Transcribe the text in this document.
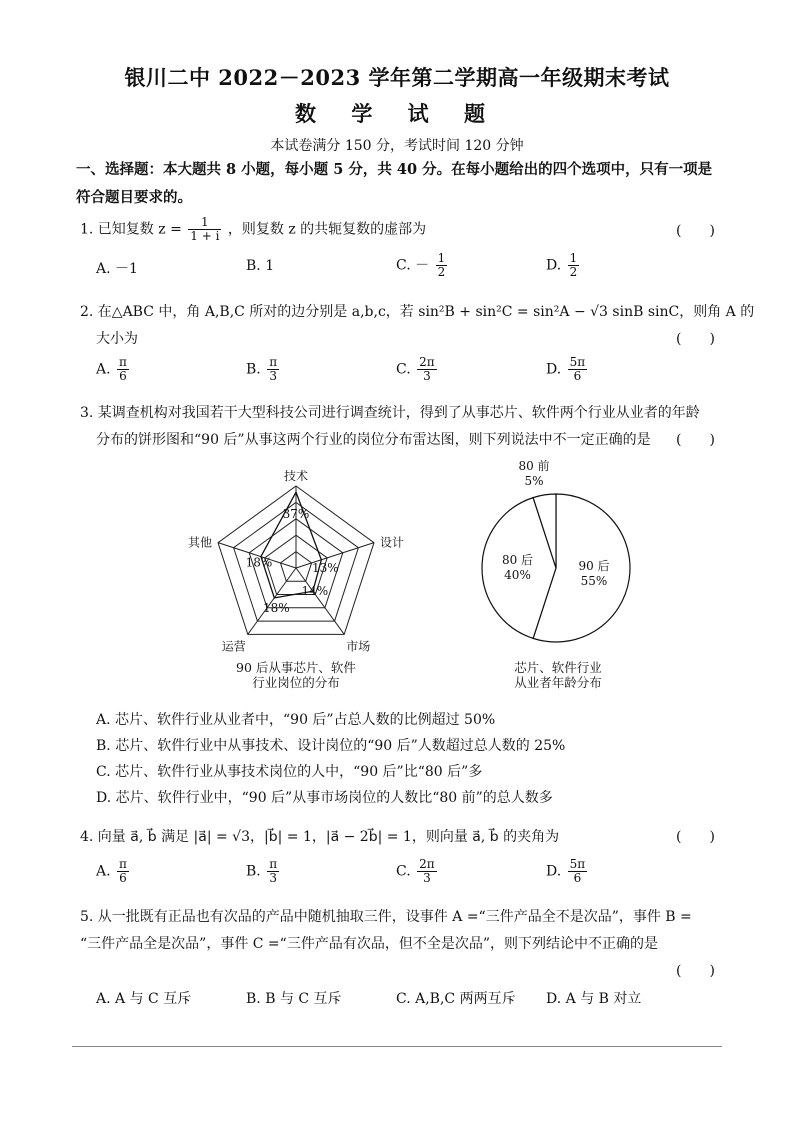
银川二中 2022－2023 学年第二学期高一年级期末考试
数 学 试 题
本试卷满分 150 分，考试时间 120 分钟
一、选择题：本大题共 8 小题，每小题 5 分，共 40 分。在每小题给出的四个选项中，只有一项是
符合题目要求的。
1. 已知复数 $z = \frac{1}{1 + i}$ ，则复数 z 的共轭复数的虚部为	(　　)
A. －1	B. 1	C. － $\frac{1}{2}$	D. $\frac{1}{2}$
2. 在△ABC 中，角 A,B,C 所对的边分别是 a,b,c，若 sin²B + sin²C = sin²A − √3 sinB sinC，则角 A 的
大小为	(　　)
A. $\frac{\pi}{6}$	B. $\frac{\pi}{3}$	C. $\frac{2\pi}{3}$	D. $\frac{5\pi}{6}$
3. 某调查机构对我国若干大型科技公司进行调查统计，得到了从事芯片、软件两个行业从业者的年龄
分布的饼形图和“90 后”从事这两个行业的岗位分布雷达图，则下列说法中不一定正确的是 (　　)
技术
设计
市场
运营
其他
37%
13%
14%
18%
18%
90 后从事芯片、软件
行业岗位的分布
90 后
55%
80 后
40%
80 前
5%
芯片、软件行业
从业者年龄分布
A. 芯片、软件行业从业者中，“90 后”占总人数的比例超过 50%
B. 芯片、软件行业中从事技术、设计岗位的“90 后”人数超过总人数的 25%
C. 芯片、软件行业从事技术岗位的人中，“90 后”比“80 后”多
D. 芯片、软件行业中，“90 后”从事市场岗位的人数比“80 前”的总人数多
4. 向量 a⃗, b⃗ 满足 |a⃗| = √3，|b⃗| = 1，|a⃗ − 2b⃗| = 1，则向量 a⃗, b⃗ 的夹角为	(　　)
A. $\frac{\pi}{6}$	B. $\frac{\pi}{3}$	C. $\frac{2\pi}{3}$	D. $\frac{5\pi}{6}$
5. 从一批既有正品也有次品的产品中随机抽取三件，设事件 A =“三件产品全不是次品”，事件 B =
“三件产品全是次品”，事件 C =“三件产品有次品，但不全是次品”，则下列结论中不正确的是
(　　)
A. A 与 C 互斥	B. B 与 C 互斥	C. A,B,C 两两互斥 D. A 与 B 对立
